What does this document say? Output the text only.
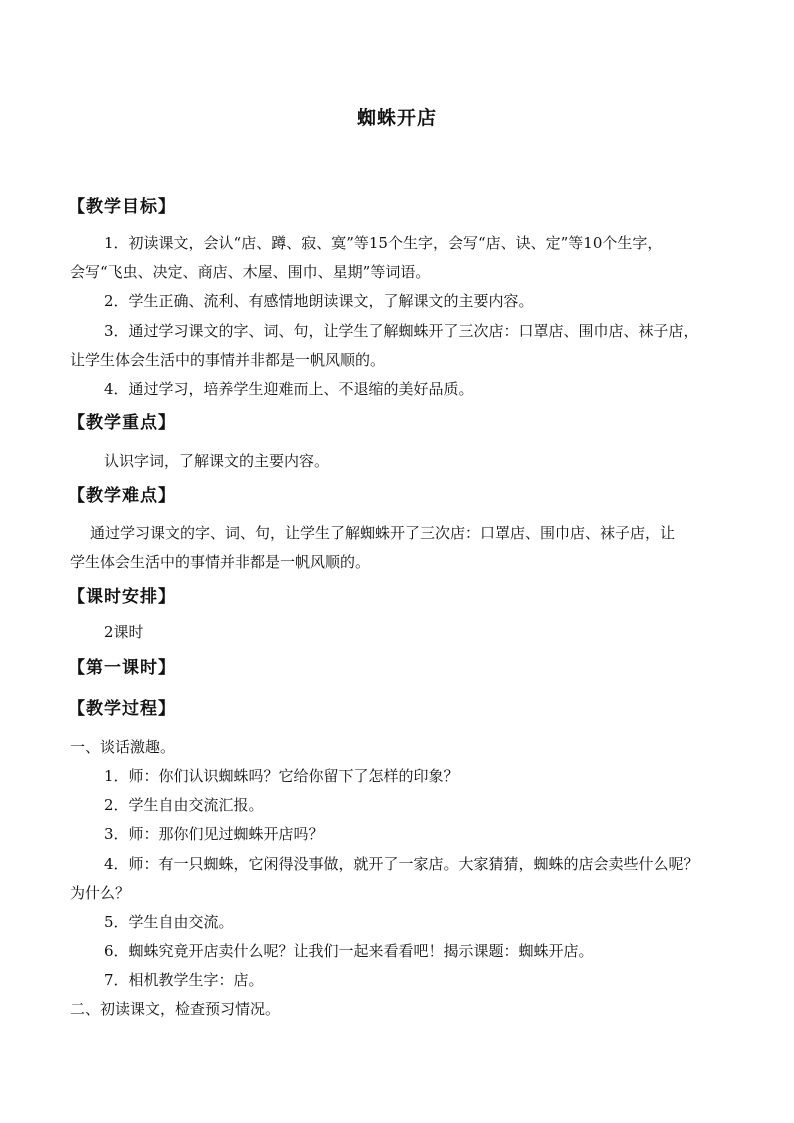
蜘蛛开店
【教学目标】
1．初读课文，会认“店、蹲、寂、寞”等15个生字，会写“店、诀、定”等10个生字，
会写“飞虫、决定、商店、木屋、围巾、星期”等词语。
2．学生正确、流利、有感情地朗读课文，了解课文的主要内容。
3．通过学习课文的字、词、句，让学生了解蜘蛛开了三次店：口罩店、围巾店、袜子店，
让学生体会生活中的事情并非都是一帆风顺的。
4．通过学习，培养学生迎难而上、不退缩的美好品质。
【教学重点】
认识字词，了解课文的主要内容。
【教学难点】
通过学习课文的字、词、句，让学生了解蜘蛛开了三次店：口罩店、围巾店、袜子店，让
学生体会生活中的事情并非都是一帆风顺的。
【课时安排】
2课时
【第一课时】
【教学过程】
一、谈话激趣。
1．师：你们认识蜘蛛吗？它给你留下了怎样的印象？
2．学生自由交流汇报。
3．师：那你们见过蜘蛛开店吗？
4．师：有一只蜘蛛，它闲得没事做，就开了一家店。大家猜猜，蜘蛛的店会卖些什么呢？
为什么？
5．学生自由交流。
6．蜘蛛究竟开店卖什么呢？让我们一起来看看吧！揭示课题：蜘蛛开店。
7．相机教学生字：店。
二、初读课文，检查预习情况。
